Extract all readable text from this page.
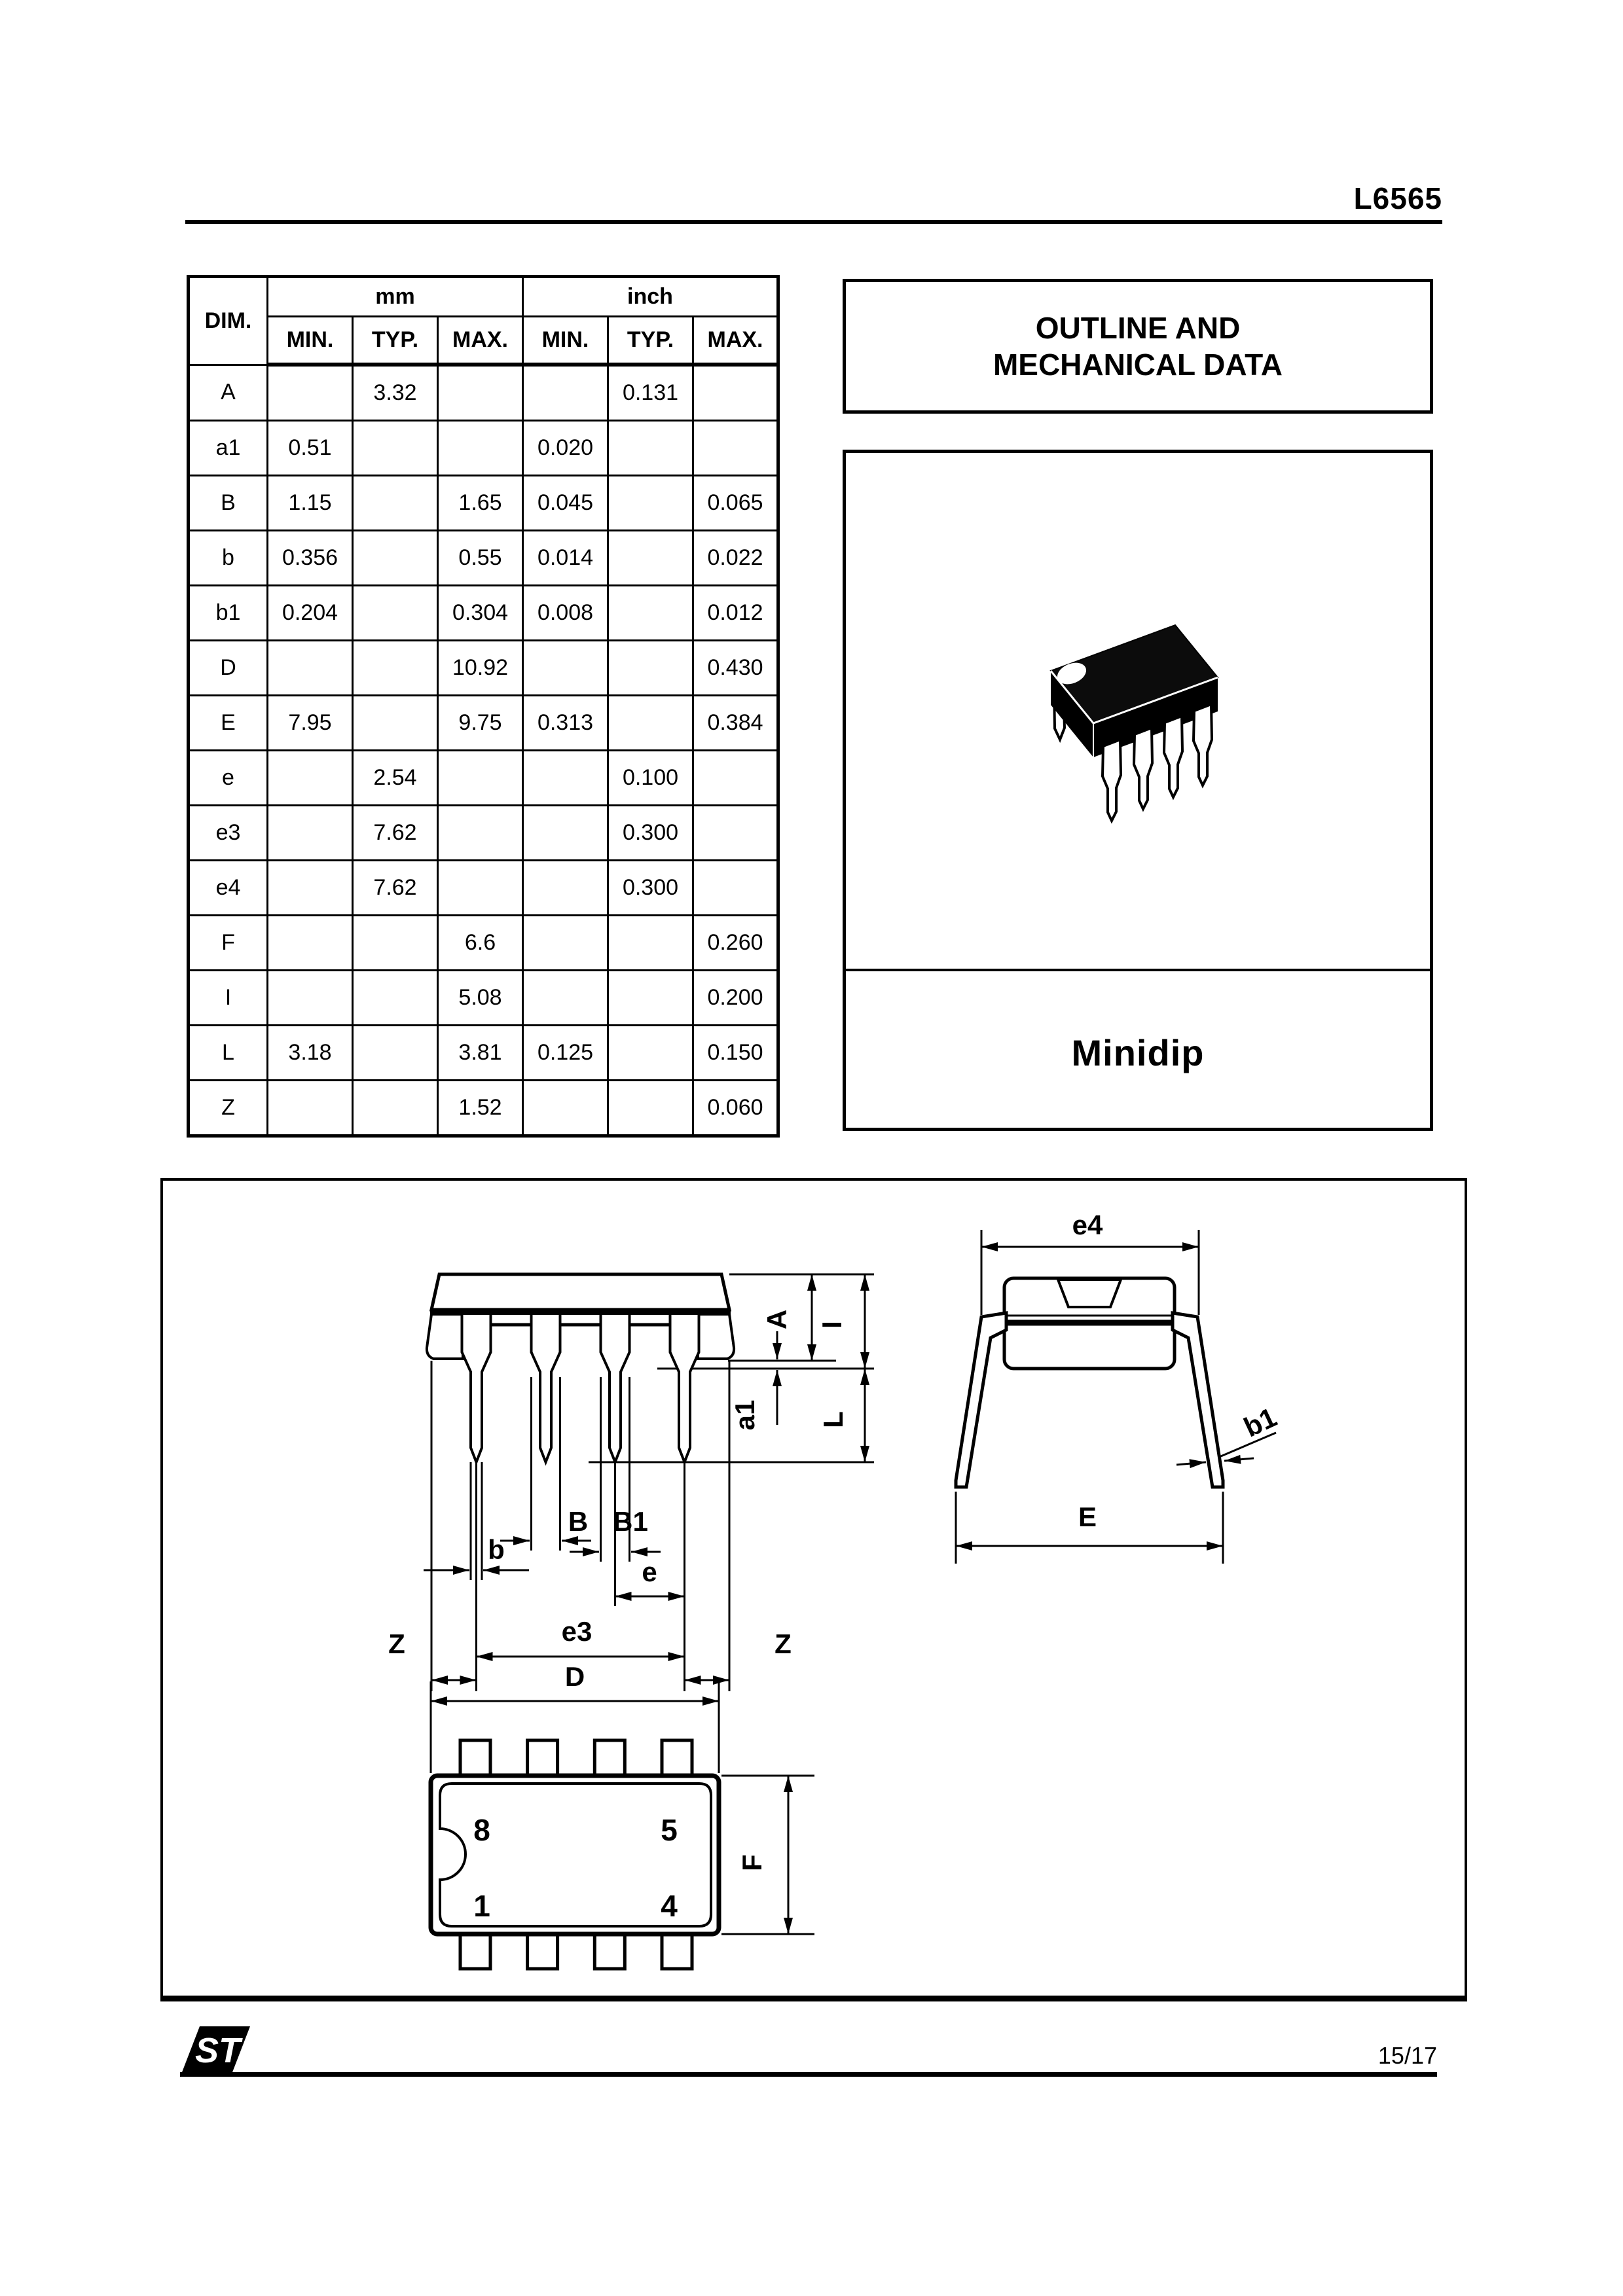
L6565
DIM.	mm			inch		
	MIN.	TYP.	MAX.	MIN.	TYP.	MAX.
A		3.32			0.131	
a1	0.51			0.020		
B	1.15		1.65	0.045		0.065
b	0.356		0.55	0.014		0.022
b1	0.204		0.304	0.008		0.012
D			10.92			0.430
E	7.95		9.75	0.313		0.384
e		2.54			0.100	
e3		7.62			0.300	
e4		7.62			0.300	
F			6.6			0.260
I			5.08			0.200
L	3.18		3.81	0.125		0.150
Z			1.52			0.060
OUTLINE AND
MECHANICAL DATA
Minidip
A I
a1 L
b
B B1
e
e3
Z	Z
e4
E
b1
D
F
8	5
1	4
ST	15/17
